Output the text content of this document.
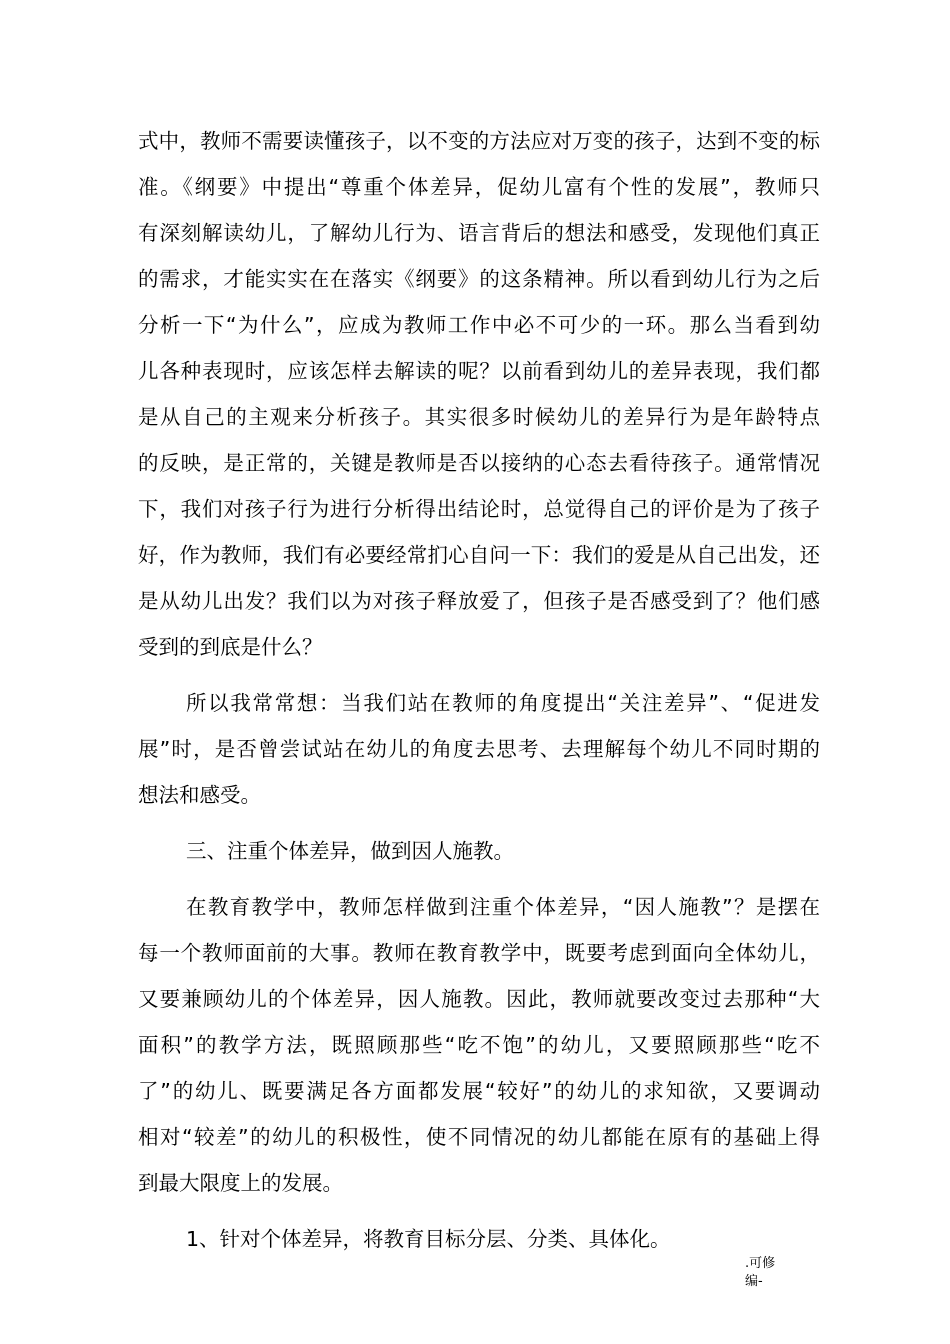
式中，教师不需要读懂孩子，以不变的方法应对万变的孩子，达到不变的标
准。《纲要》中提出“尊重个体差异，促幼儿富有个性的发展”，教师只
有深刻解读幼儿，了解幼儿行为、语言背后的想法和感受，发现他们真正
的需求，才能实实在在落实《纲要》的这条精神。所以看到幼儿行为之后
分析一下“为什么”，应成为教师工作中必不可少的一环。那么当看到幼
儿各种表现时，应该怎样去解读的呢？以前看到幼儿的差异表现，我们都
是从自己的主观来分析孩子。其实很多时候幼儿的差异行为是年龄特点
的反映，是正常的，关键是教师是否以接纳的心态去看待孩子。通常情况
下，我们对孩子行为进行分析得出结论时，总觉得自己的评价是为了孩子
好，作为教师，我们有必要经常扪心自问一下：我们的爱是从自己出发，还
是从幼儿出发？我们以为对孩子释放爱了，但孩子是否感受到了？他们感
受到的到底是什么？
所以我常常想：当我们站在教师的角度提出“关注差异”、“促进发
展”时，是否曾尝试站在幼儿的角度去思考、去理解每个幼儿不同时期的
想法和感受。
三、注重个体差异，做到因人施教。
在教育教学中，教师怎样做到注重个体差异，“因人施教”？是摆在
每一个教师面前的大事。教师在教育教学中，既要考虑到面向全体幼儿，
又要兼顾幼儿的个体差异，因人施教。因此，教师就要改变过去那种“大
面积”的教学方法，既照顾那些“吃不饱”的幼儿，又要照顾那些“吃不
了”的幼儿、既要满足各方面都发展“较好”的幼儿的求知欲，又要调动
相对“较差”的幼儿的积极性，使不同情况的幼儿都能在原有的基础上得
到最大限度上的发展。
1、针对个体差异，将教育目标分层、分类、具体化。
.可修
编-
